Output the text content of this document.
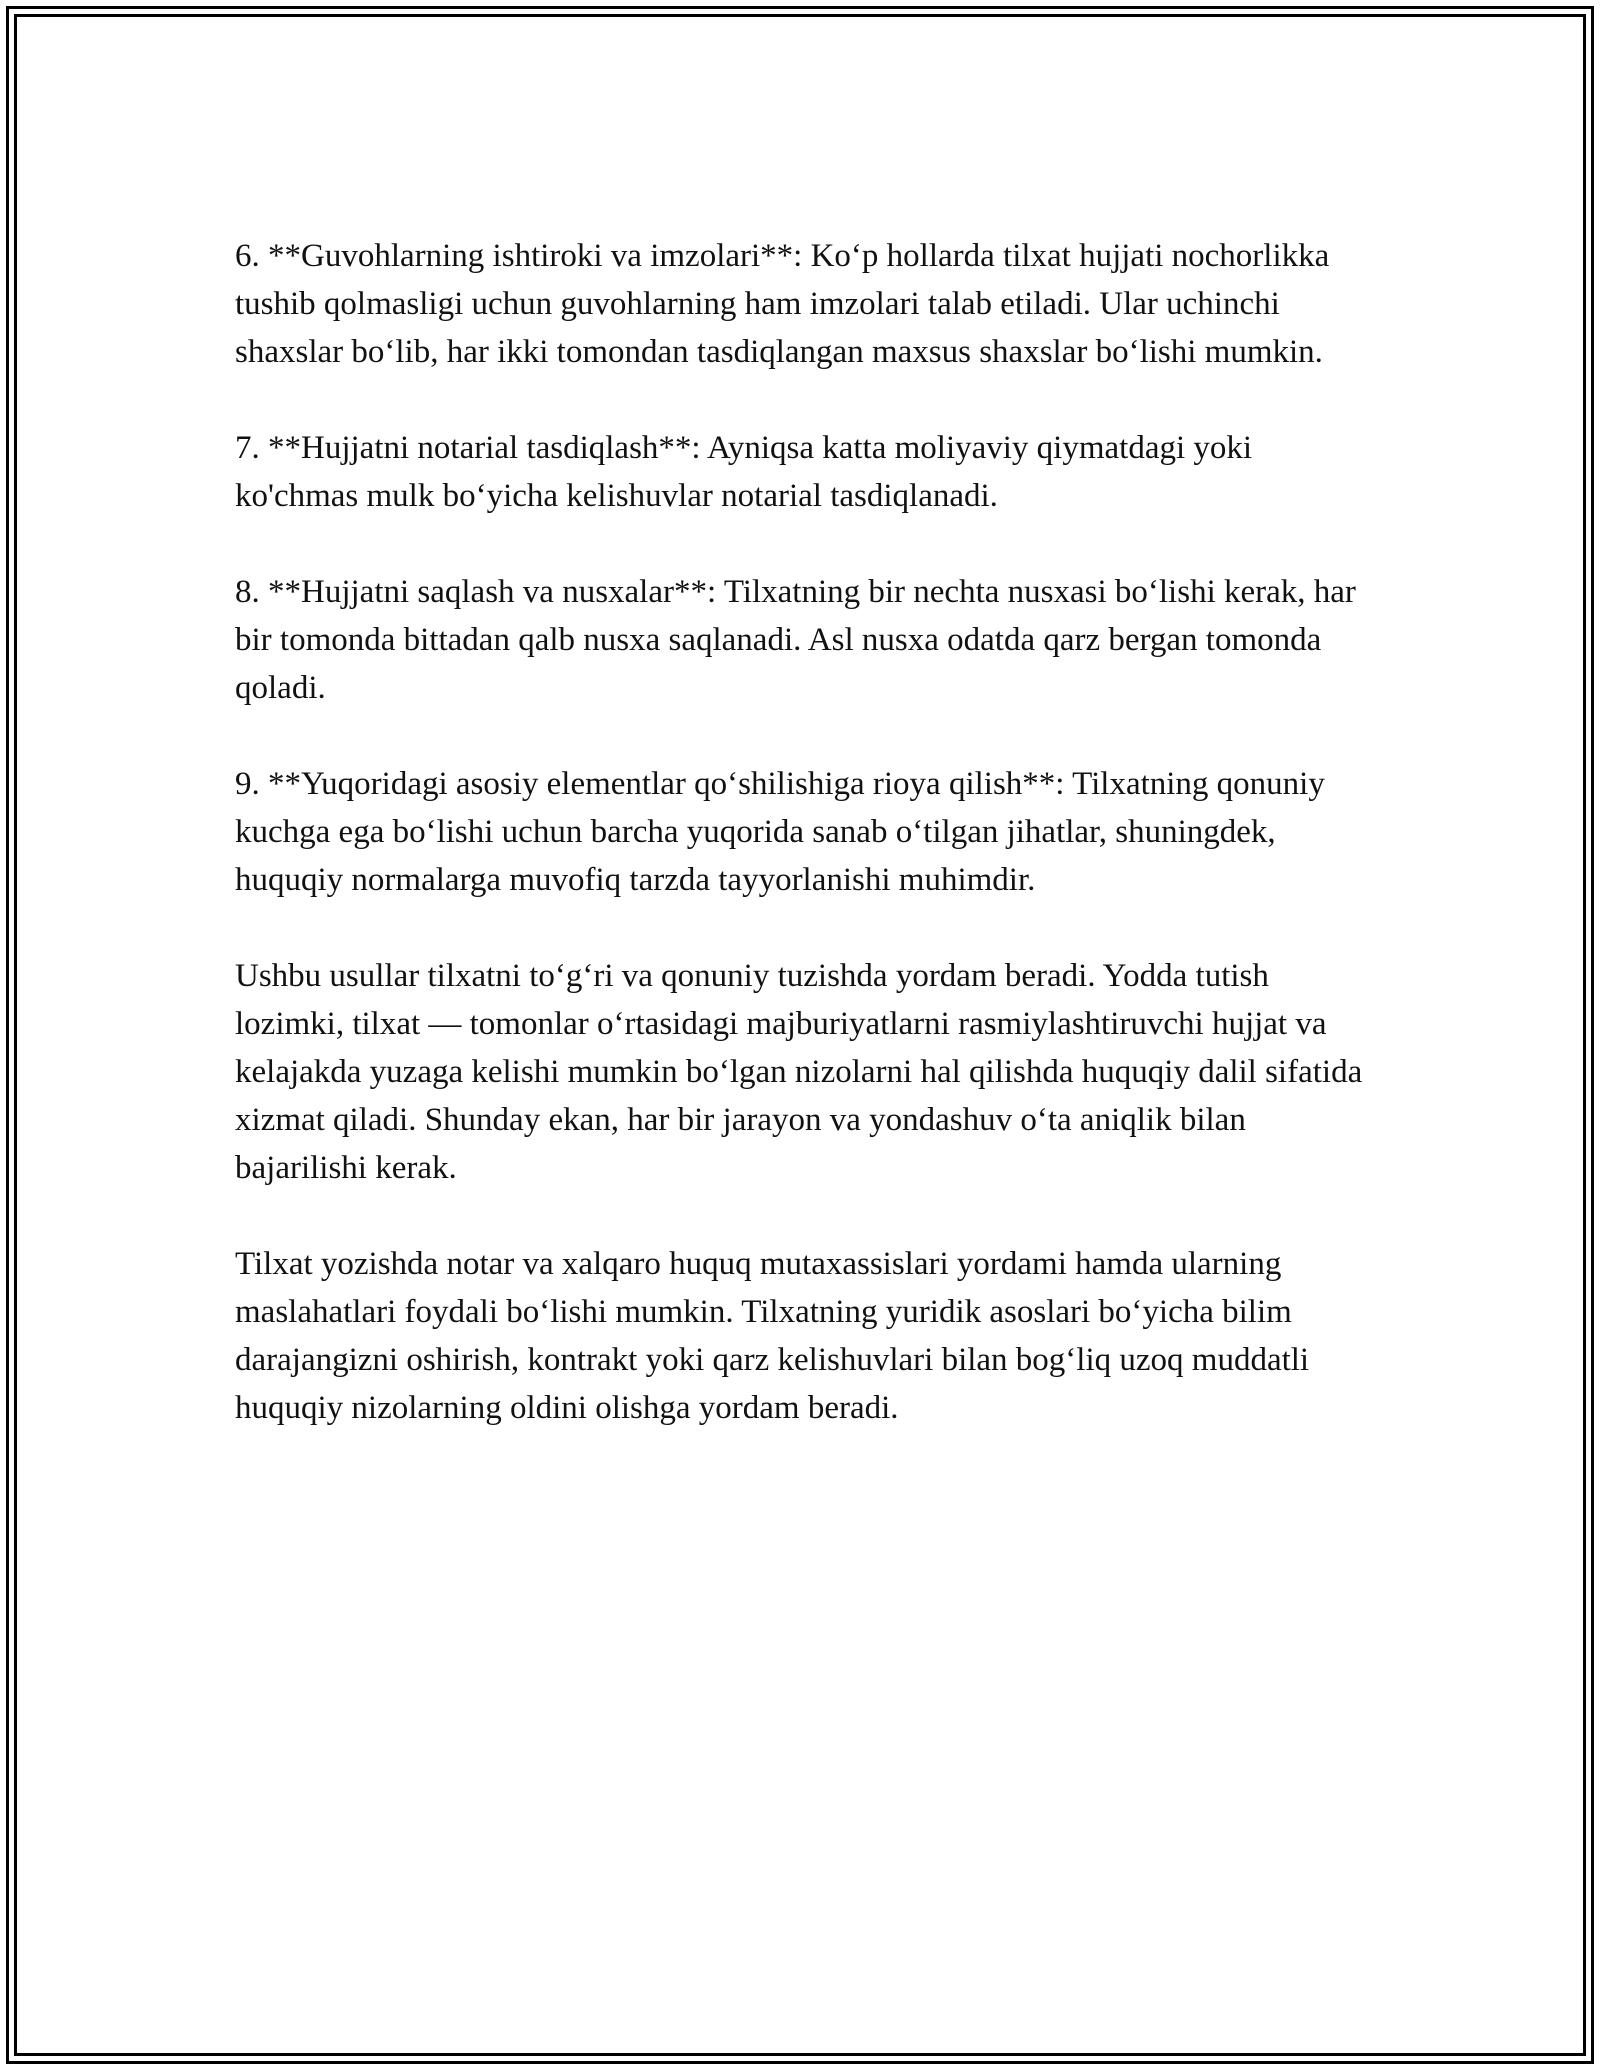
6. **Guvohlarning ishtiroki va imzolari**: Ko‘p hollarda tilxat hujjati nochorlikka tushib qolmasligi uchun guvohlarning ham imzolari talab etiladi. Ular uchinchi shaxslar bo‘lib, har ikki tomondan tasdiqlangan maxsus shaxslar bo‘lishi mumkin.

7. **Hujjatni notarial tasdiqlash**: Ayniqsa katta moliyaviy qiymatdagi yoki ko'chmas mulk bo‘yicha kelishuvlar notarial tasdiqlanadi.

8. **Hujjatni saqlash va nusxalar**: Tilxatning bir nechta nusxasi bo‘lishi kerak, har bir tomonda bittadan qalb nusxa saqlanadi. Asl nusxa odatda qarz bergan tomonda qoladi.

9. **Yuqoridagi asosiy elementlar qo‘shilishiga rioya qilish**: Tilxatning qonuniy kuchga ega bo‘lishi uchun barcha yuqorida sanab o‘tilgan jihatlar, shuningdek, huquqiy normalarga muvofiq tarzda tayyorlanishi muhimdir.

Ushbu usullar tilxatni to‘g‘ri va qonuniy tuzishda yordam beradi. Yodda tutish lozimki, tilxat — tomonlar o‘rtasidagi majburiyatlarni rasmiylashtiruvchi hujjat va kelajakda yuzaga kelishi mumkin bo‘lgan nizolarni hal qilishda huquqiy dalil sifatida xizmat qiladi. Shunday ekan, har bir jarayon va yondashuv o‘ta aniqlik bilan bajarilishi kerak.

Tilxat yozishda notar va xalqaro huquq mutaxassislari yordami hamda ularning maslahatlari foydali bo‘lishi mumkin. Tilxatning yuridik asoslari bo‘yicha bilim darajangizni oshirish, kontrakt yoki qarz kelishuvlari bilan bog‘liq uzoq muddatli huquqiy nizolarning oldini olishga yordam beradi.
